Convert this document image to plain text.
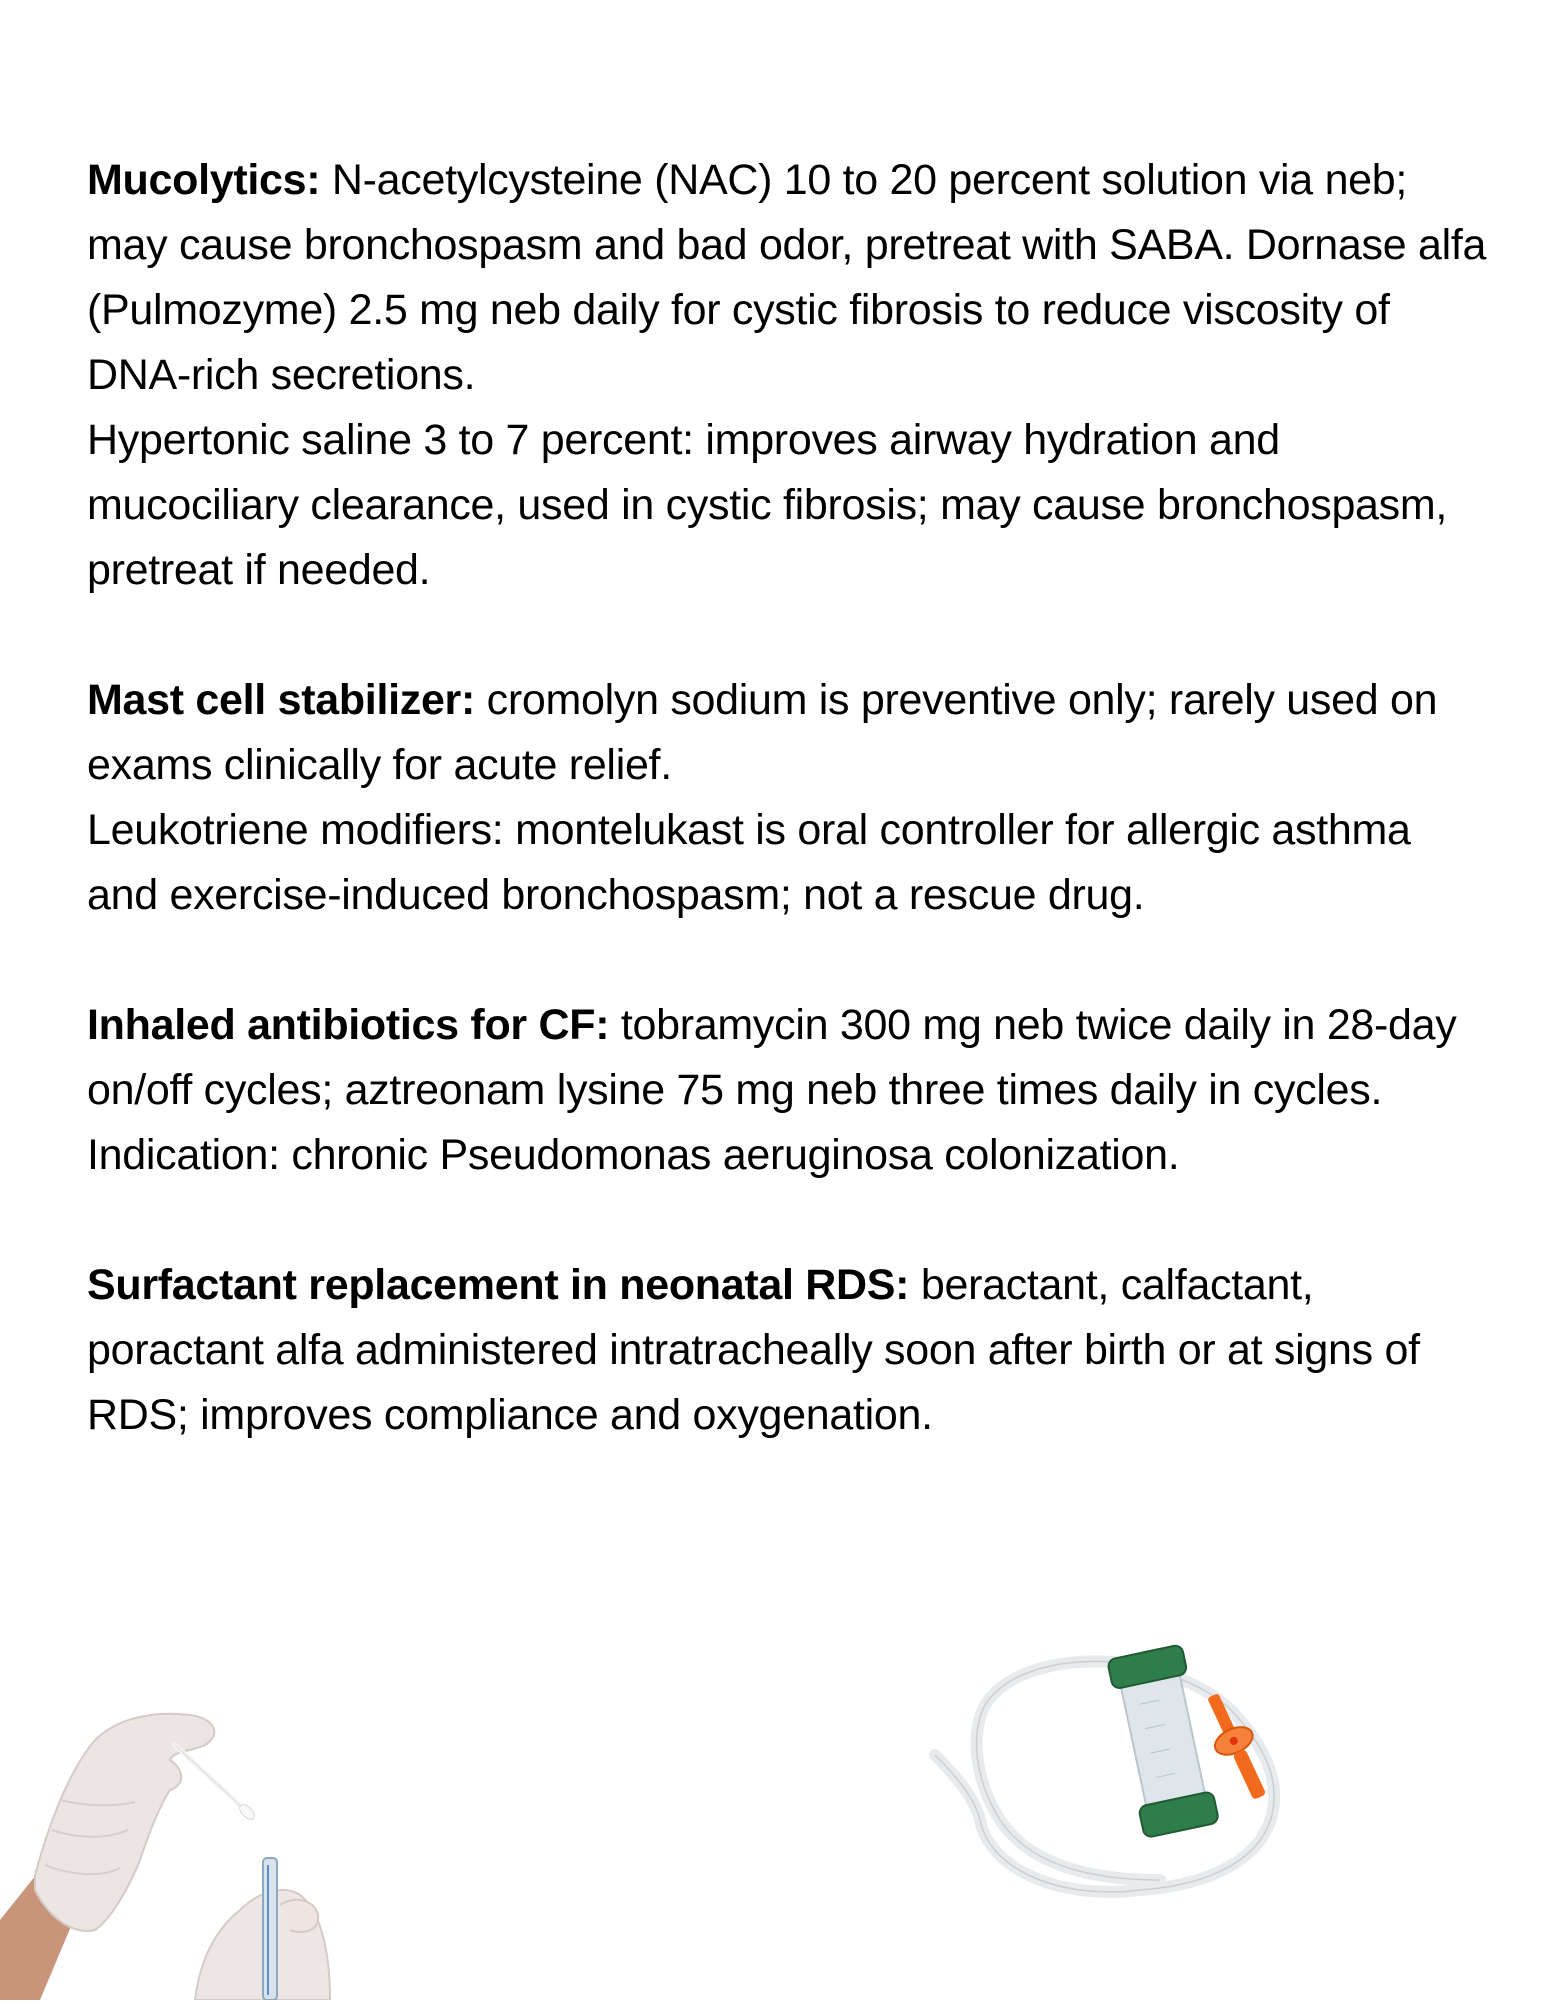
Mucolytics: N-acetylcysteine (NAC) 10 to 20 percent solution via neb; may cause bronchospasm and bad odor, pretreat with SABA. Dornase alfa (Pulmozyme) 2.5 mg neb daily for cystic fibrosis to reduce viscosity of DNA-rich secretions.

Hypertonic saline 3 to 7 percent: improves airway hydration and mucociliary clearance, used in cystic fibrosis; may cause bronchospasm, pretreat if needed.

Mast cell stabilizer: cromolyn sodium is preventive only; rarely used on exams clinically for acute relief.

Leukotriene modifiers: montelukast is oral controller for allergic asthma and exercise-induced bronchospasm; not a rescue drug.

Inhaled antibiotics for CF: tobramycin 300 mg neb twice daily in 28-day on/off cycles; aztreonam lysine 75 mg neb three times daily in cycles. Indication: chronic Pseudomonas aeruginosa colonization.

Surfactant replacement in neonatal RDS: beractant, calfactant, poractant alfa administered intratracheally soon after birth or at signs of RDS; improves compliance and oxygenation.
